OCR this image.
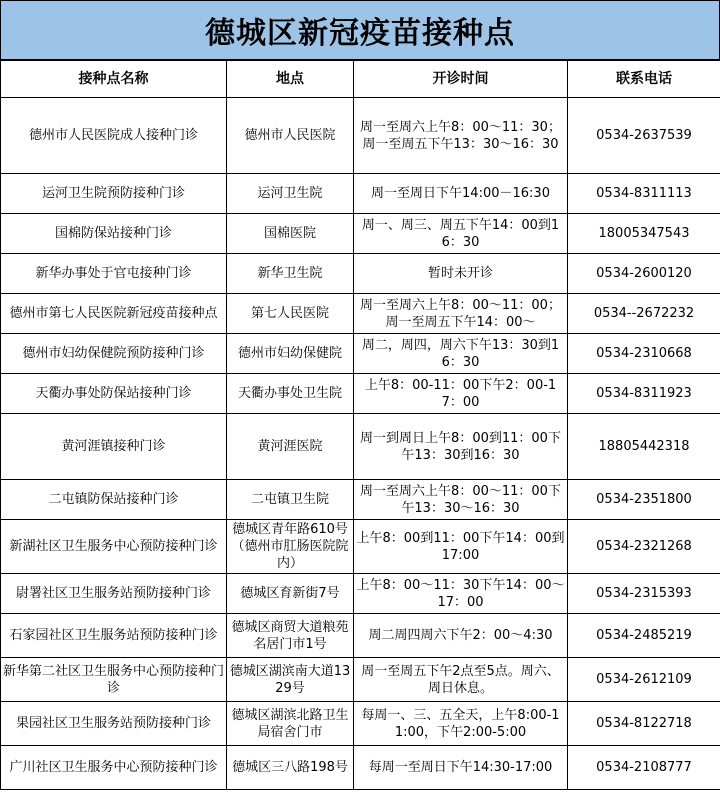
德城区新冠疫苗接种点
接种点名称	地点	开诊时间	联系电话
德州市人民医院成人接种门诊	德州市人民医院	周一至周六上午8：00～11：30；周一至周五下午13：30～16：30	0534-2637539
运河卫生院预防接种门诊	运河卫生院	周一至周日下午14:00－16:30	0534-8311113
国棉防保站接种门诊	国棉医院	周一、周三、周五下午14：00到16：30	18005347543
新华办事处于官屯接种门诊	新华卫生院	暂时未开诊	0534-2600120
德州市第七人民医院新冠疫苗接种点	第七人民医院	周一至周六上午8：00～11：00；周一至周五下午14：00～	0534--2672232
德州市妇幼保健院预防接种门诊	德州市妇幼保健院	周二，周四，周六下午13：30到16：30	0534-2310668
天衢办事处防保站接种门诊	天衢办事处卫生院	上午8：00-11：00下午2：00-17：00	0534-8311923
黄河涯镇接种门诊	黄河涯医院	周一到周日上午8：00到11：00下午13：30到16：30	18805442318
二屯镇防保站接种门诊	二屯镇卫生院	周一至周六上午8：00～11：00下午13：30～16：30	0534-2351800
新湖社区卫生服务中心预防接种门诊	德城区青年路610号（德州市肛肠医院院内）	上午8：00到11：00下午14：00到17:00	0534-2321268
尉署社区卫生服务站预防接种门诊	德城区育新街7号	上午8：00～11：30下午14：00～17：00	0534-2315393
石家园社区卫生服务站预防接种门诊	德城区商贸大道粮苑名居门市1号	周二周四周六下午2：00～4:30	0534-2485219
新华第二社区卫生服务中心预防接种门诊	德城区湖滨南大道1329号	周一至周五下午2点至5点。周六、周日休息。	0534-2612109
果园社区卫生服务站预防接种门诊	德城区湖滨北路卫生局宿舍门市	每周一、三、五全天，上午8:00-11:00，下午2:00-5:00	0534-8122718
广川社区卫生服务中心预防接种门诊	德城区三八路198号	每周一至周日下午14:30-17:00	0534-2108777
